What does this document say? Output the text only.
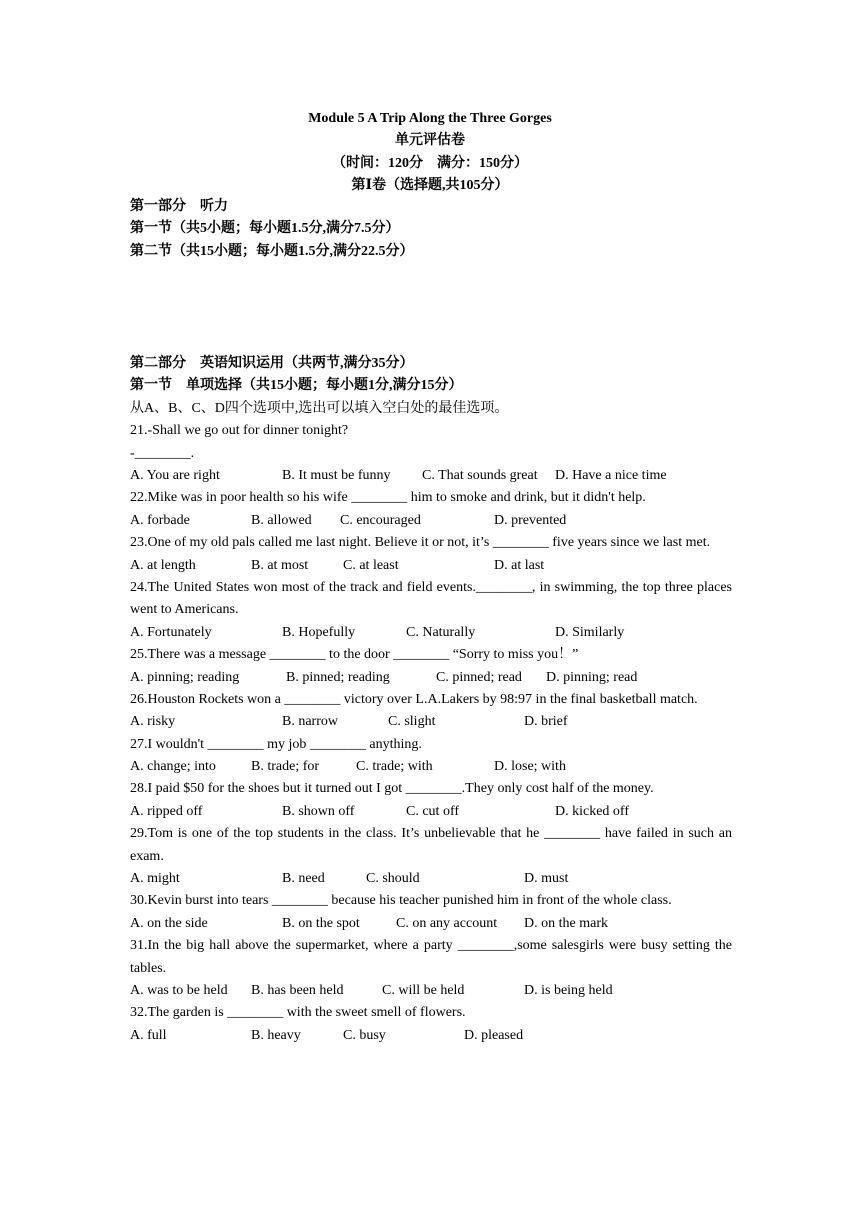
Module 5 A Trip Along the Three Gorges
单元评估卷
（时间：120分　满分：150分）
第Ⅰ卷（选择题,共105分）
第一部分　听力
第一节（共5小题；每小题1.5分,满分7.5分）
第二节（共15小题；每小题1.5分,满分22.5分）
第二部分　英语知识运用（共两节,满分35分）
第一节　单项选择（共15小题；每小题1分,满分15分）
从A、B、C、D四个选项中,选出可以填入空白处的最佳选项。
21.-Shall we go out for dinner tonight?
-________.
A. You are right	B. It must be funny C. That sounds great D. Have a nice time
22.Mike was in poor health so his wife ________ him to smoke and drink, but it didn't help.
A. forbade	B. allowed C. encouraged	D. prevented
23.One of my old pals called me last night. Believe it or not, it’s ________ five years since we last met.
A. at length	B. at most C. at least	D. at last
24.The United States won most of the track and field events.________, in swimming, the top three places went to Americans.
A. Fortunately	B. Hopefully	C. Naturally	D. Similarly
25.There was a message ________ to the door ________ “Sorry to miss you！”
A. pinning; reading	B. pinned; reading	C. pinned; read D. pinning; read
26.Houston Rockets won a ________ victory over L.A.Lakers by 98:97 in the final basketball match.
A. risky	B. narrow	C. slight	D. brief
27.I wouldn't ________ my job ________ anything.
A. change; into	B. trade; for	C. trade; with	D. lose; with
28.I paid $50 for the shoes but it turned out I got ________.They only cost half of the money.
A. ripped off	B. shown off	C. cut off	D. kicked off
29.Tom is one of the top students in the class. It’s unbelievable that he ________ have failed in such an exam.
A. might	B. need	C. should	D. must
30.Kevin burst into tears ________ because his teacher punished him in front of the whole class.
A. on the side	B. on the spot	C. on any account D. on the mark
31.In the big hall above the supermarket, where a party ________,some salesgirls were busy setting the tables.
A. was to be held B. has been held	C. will be held	D. is being held
32.The garden is ________ with the sweet smell of flowers.
A. full	B. heavy	C. busy	D. pleased
